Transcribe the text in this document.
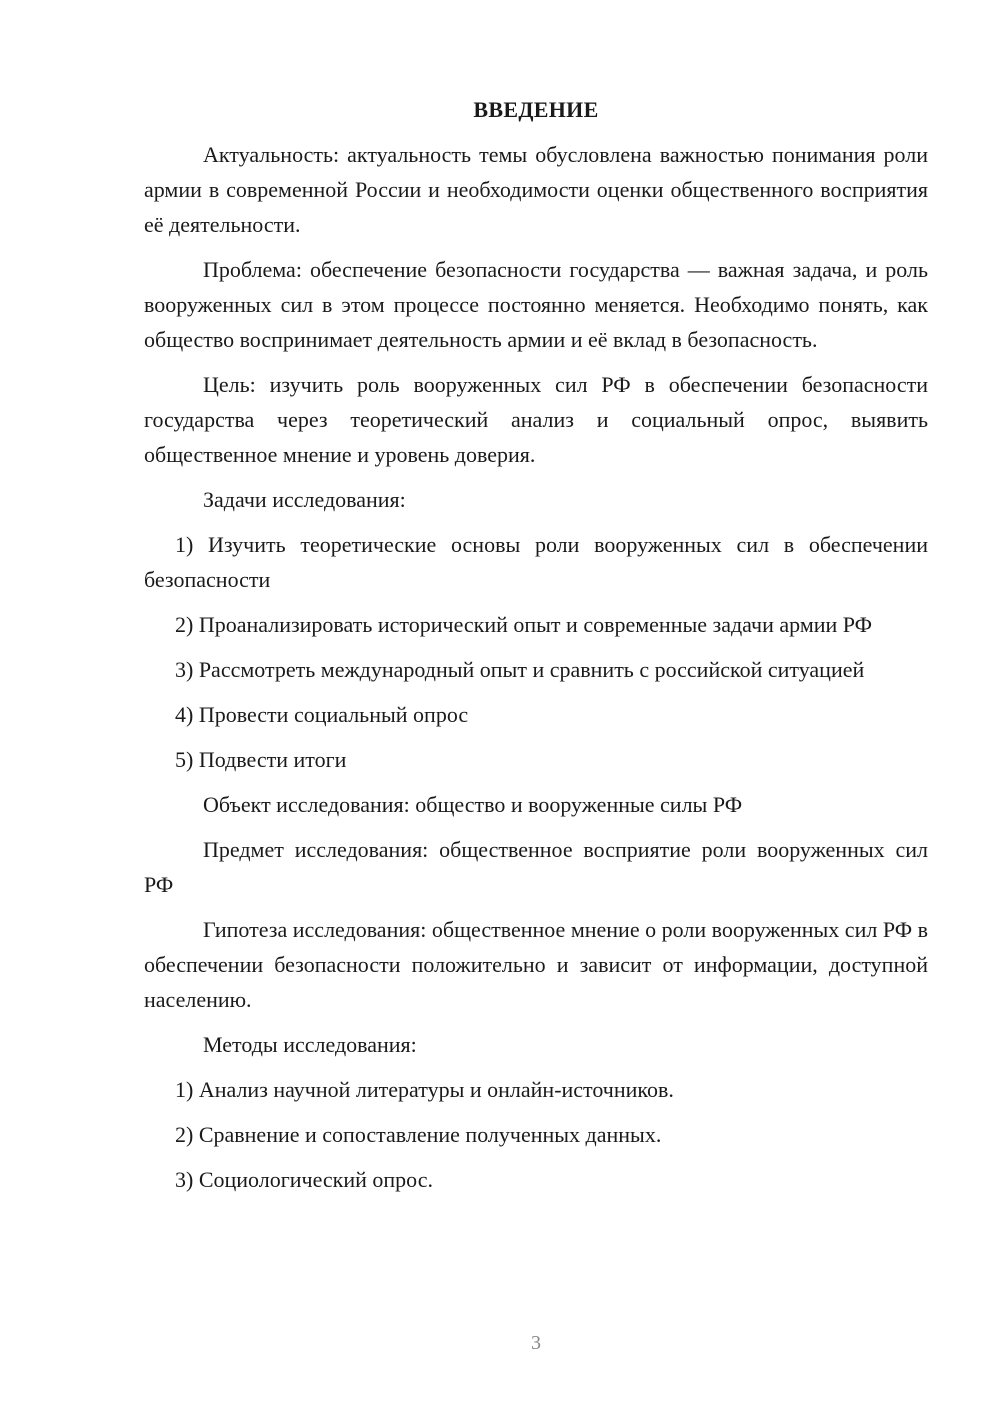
ВВЕДЕНИЕ

Актуальность: актуальность темы обусловлена важностью понимания роли армии в современной России и необходимости оценки общественного восприятия её деятельности.

Проблема: обеспечение безопасности государства — важная задача, и роль вооруженных сил в этом процессе постоянно меняется. Необходимо понять, как общество воспринимает деятельность армии и её вклад в безопасность.

Цель: изучить роль вооруженных сил РФ в обеспечении безопасности государства через теоретический анализ и социальный опрос, выявить общественное мнение и уровень доверия.

Задачи исследования:

1) Изучить теоретические основы роли вооруженных сил в обеспечении безопасности

2) Проанализировать исторический опыт и современные задачи армии РФ

3) Рассмотреть международный опыт и сравнить с российской ситуацией

4) Провести социальный опрос

5) Подвести итоги

Объект исследования: общество и вооруженные силы РФ

Предмет исследования: общественное восприятие роли вооруженных сил РФ

Гипотеза исследования: общественное мнение о роли вооруженных сил РФ в обеспечении безопасности положительно и зависит от информации, доступной населению.

Методы исследования:

1) Анализ научной литературы и онлайн-источников.

2) Сравнение и сопоставление полученных данных.

3) Социологический опрос.

3
